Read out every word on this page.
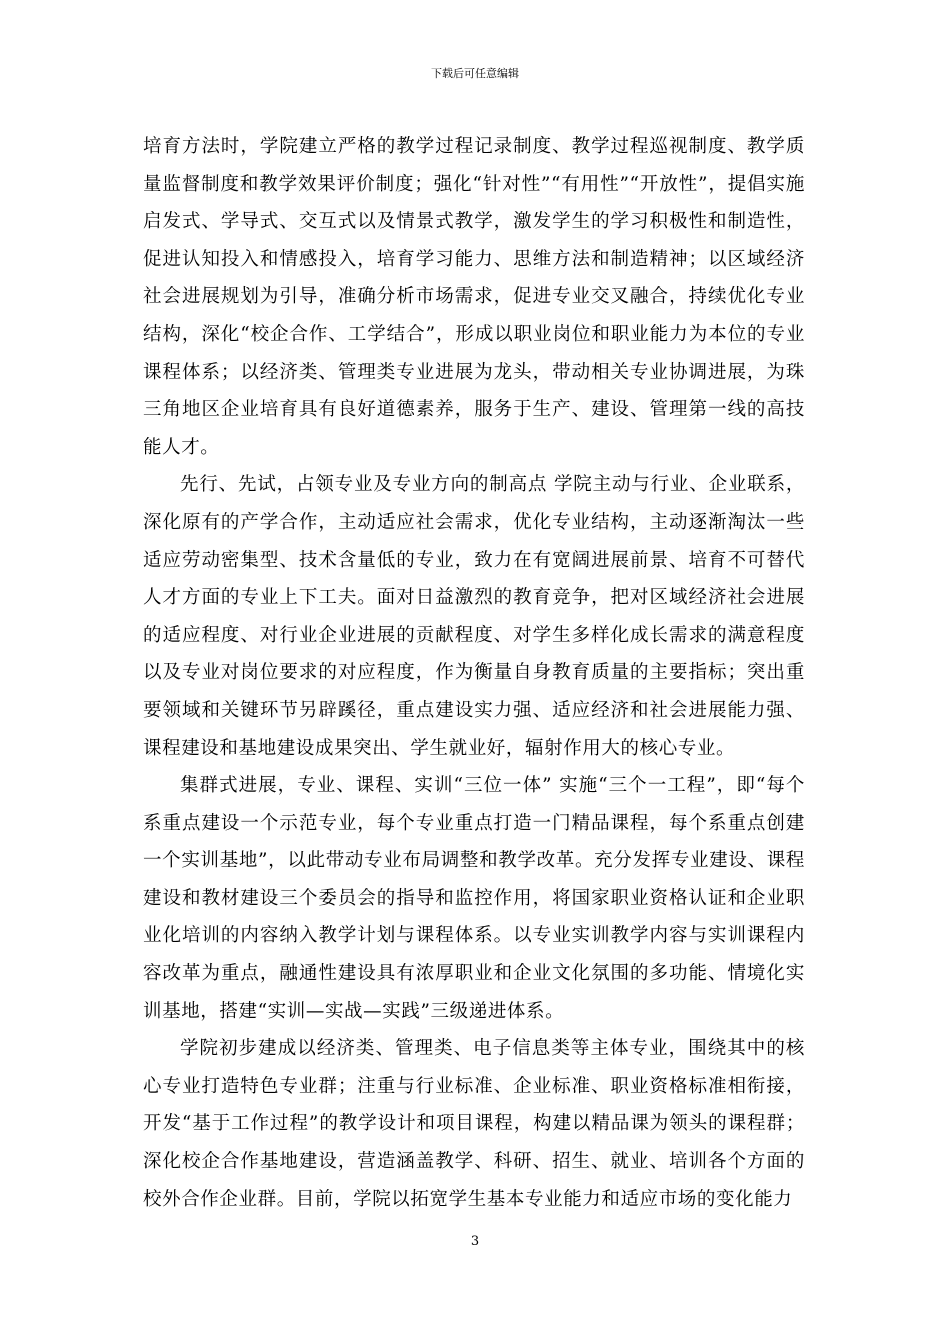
下载后可任意编辑

培育方法时，学院建立严格的教学过程记录制度、教学过程巡视制度、教学质量监督制度和教学效果评价制度；强化“针对性”“有用性”“开放性”，提倡实施启发式、学导式、交互式以及情景式教学，激发学生的学习积极性和制造性，促进认知投入和情感投入，培育学习能力、思维方法和制造精神；以区域经济社会进展规划为引导，准确分析市场需求，促进专业交叉融合，持续优化专业结构，深化“校企合作、工学结合”，形成以职业岗位和职业能力为本位的专业课程体系；以经济类、管理类专业进展为龙头，带动相关专业协调进展，为珠三角地区企业培育具有良好道德素养，服务于生产、建设、管理第一线的高技能人才。

先行、先试，占领专业及专业方向的制高点 学院主动与行业、企业联系，深化原有的产学合作，主动适应社会需求，优化专业结构，主动逐渐淘汰一些适应劳动密集型、技术含量低的专业，致力在有宽阔进展前景、培育不可替代人才方面的专业上下工夫。面对日益激烈的教育竞争，把对区域经济社会进展的适应程度、对行业企业进展的贡献程度、对学生多样化成长需求的满意程度以及专业对岗位要求的对应程度，作为衡量自身教育质量的主要指标；突出重要领域和关键环节另辟蹊径，重点建设实力强、适应经济和社会进展能力强、课程建设和基地建设成果突出、学生就业好，辐射作用大的核心专业。

集群式进展，专业、课程、实训“三位一体” 实施“三个一工程”，即“每个系重点建设一个示范专业，每个专业重点打造一门精品课程，每个系重点创建一个实训基地”，以此带动专业布局调整和教学改革。充分发挥专业建设、课程建设和教材建设三个委员会的指导和监控作用，将国家职业资格认证和企业职业化培训的内容纳入教学计划与课程体系。以专业实训教学内容与实训课程内容改革为重点，融通性建设具有浓厚职业和企业文化氛围的多功能、情境化实训基地，搭建“实训—实战—实践”三级递进体系。

学院初步建成以经济类、管理类、电子信息类等主体专业，围绕其中的核心专业打造特色专业群；注重与行业标准、企业标准、职业资格标准相衔接，开发“基于工作过程”的教学设计和项目课程，构建以精品课为领头的课程群；深化校企合作基地建设，营造涵盖教学、科研、招生、就业、培训各个方面的校外合作企业群。目前，学院以拓宽学生基本专业能力和适应市场的变化能力

3
